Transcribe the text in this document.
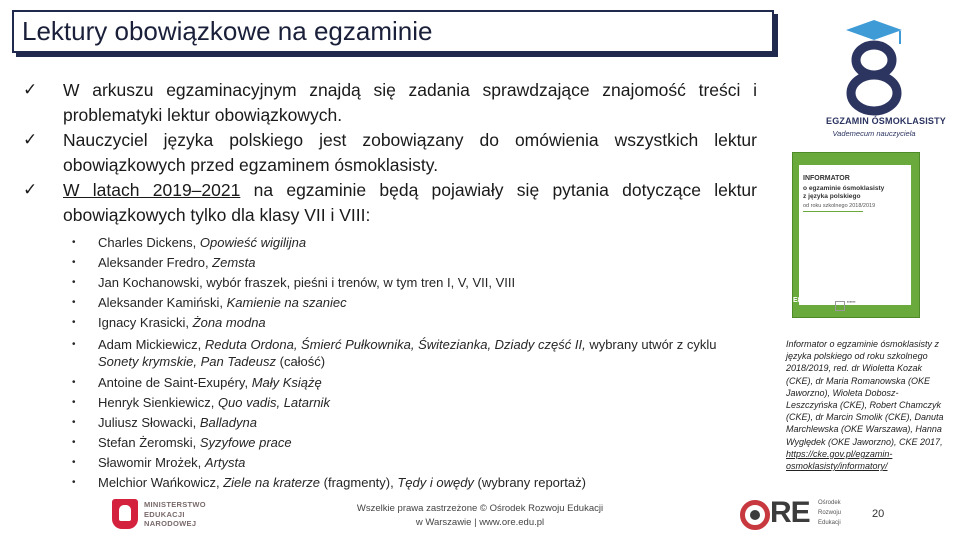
Lektury obowiązkowe na egzaminie
✓ W arkuszu egzaminacyjnym znajdą się zadania sprawdzające znajomość treści i problematyki lektur obowiązkowych.
✓ Nauczyciel języka polskiego jest zobowiązany do omówienia wszystkich lektur obowiązkowych przed egzaminem ósmoklasisty.
✓ W latach 2019–2021 na egzaminie będą pojawiały się pytania dotyczące lektur obowiązkowych tylko dla klasy VII i VIII:
• Charles Dickens, Opowieść wigilijna
• Aleksander Fredro, Zemsta
• Jan Kochanowski, wybór fraszek, pieśni i trenów, w tym tren I, V, VII, VIII
• Aleksander Kamiński, Kamienie na szaniec
• Ignacy Krasicki, Żona modna
• Adam Mickiewicz, Reduta Ordona, Śmierć Pułkownika, Świtezianka, Dziady część II, wybrany utwór z cyklu Sonety krymskie, Pan Tadeusz (całość)
• Antoine de Saint-Exupéry, Mały Książę
• Henryk Sienkiewicz, Quo vadis, Latarnik
• Juliusz Słowacki, Balladyna
• Stefan Żeromski, Syzyfowe prace
• Sławomir Mrożek, Artysta
• Melchior Wańkowicz, Ziele na kraterze (fragmenty), Tędy i owędy (wybrany reportaż)
EGZAMIN ÓSMOKLASISTY
Vademecum nauczyciela
INFORMATOR
o egzaminie ósmoklasisty
z języka polskiego
od roku szkolnego 2018/2019
E8	▪▪▪▪▪▪
Informator o egzaminie ósmoklasisty z języka polskiego od roku szkolnego 2018/2019, red. dr Wioletta Kozak (CKE), dr Maria Romanowska (OKE Jaworzno), Wioleta Dobosz-Leszczyńska (CKE), Robert Chamczyk (CKE), dr Marcin Smolik (CKE), Danuta Marchlewska (OKE Warszawa), Hanna Wyględek (OKE Jaworzno), CKE 2017, https://cke.gov.pl/egzamin-osmoklasisty/informatory/
MINISTERSTWO
EDUKACJI
NARODOWEJ
Wszelkie prawa zastrzeżone © Ośrodek Rozwoju Edukacji
w Warszawie | www.ore.edu.pl	RE Ośrodek
Rozwoju
Edukacji
20
